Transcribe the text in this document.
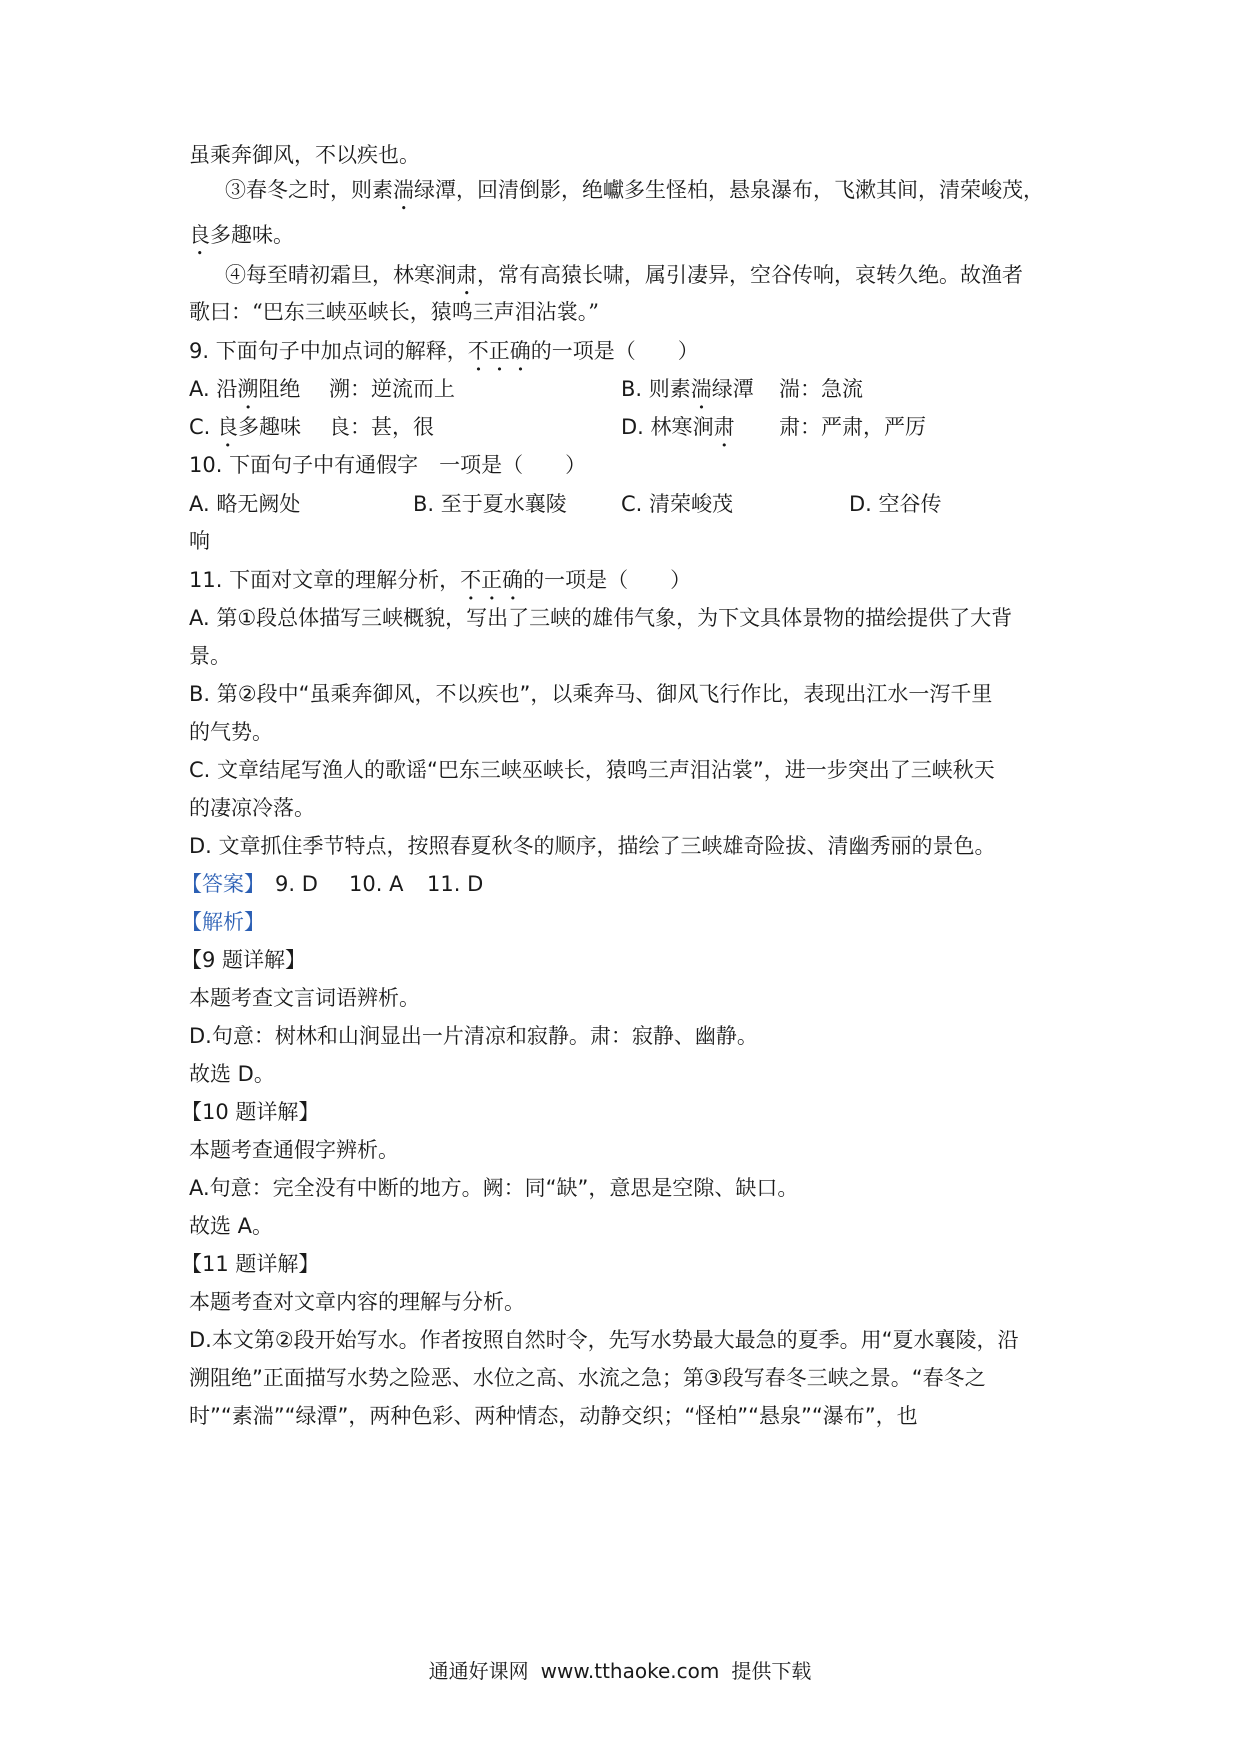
虽乘奔御风，不以疾也。
③春冬之时，则素湍绿潭，回清倒影，绝巘多生怪柏，悬泉瀑布，飞漱其间，清荣峻茂，
良多趣味。
④每至晴初霜旦，林寒涧肃，常有高猿长啸，属引凄异，空谷传响，哀转久绝。故渔者
歌曰：“巴东三峡巫峡长，猿鸣三声泪沾裳。”
9. 下面句子中加点词的解释，不正确的一项是（　　）
A. 沿溯阻绝 溯：逆流而上	B. 则素湍绿潭 湍：急流
C. 良多趣味 良：甚，很	D. 林寒涧肃 肃：严肃，严厉
10. 下面句子中有通假字　一项是（　　）
A. 略无阙处	B. 至于夏水襄陵	C. 清荣峻茂	D. 空谷传
响
11. 下面对文章的理解分析，不正确的一项是（　　）
A. 第①段总体描写三峡概貌，写出了三峡的雄伟气象，为下文具体景物的描绘提供了大背
景。
B. 第②段中“虽乘奔御风，不以疾也”，以乘奔马、御风飞行作比，表现出江水一泻千里
的气势。
C. 文章结尾写渔人的歌谣“巴东三峡巫峡长，猿鸣三声泪沾裳”，进一步突出了三峡秋天
的凄凉冷落。
D. 文章抓住季节特点，按照春夏秋冬的顺序，描绘了三峡雄奇险拔、清幽秀丽的景色。
【答案】 9. D 10. A 11. D
【解析】
【9 题详解】
本题考查文言词语辨析。
D.句意：树林和山涧显出一片清凉和寂静。肃：寂静、幽静。
故选 D。
【10 题详解】
本题考查通假字辨析。
A.句意：完全没有中断的地方。阙：同“缺”，意思是空隙、缺口。
故选 A。
【11 题详解】
本题考查对文章内容的理解与分析。
D.本文第②段开始写水。作者按照自然时令，先写水势最大最急的夏季。用“夏水襄陵，沿
溯阻绝”正面描写水势之险恶、水位之高、水流之急；第③段写春冬三峡之景。“春冬之
时”“素湍”“绿潭”，两种色彩、两种情态，动静交织；“怪柏”“悬泉”“瀑布”，也
通通好课网 www.tthaoke.com 提供下载
